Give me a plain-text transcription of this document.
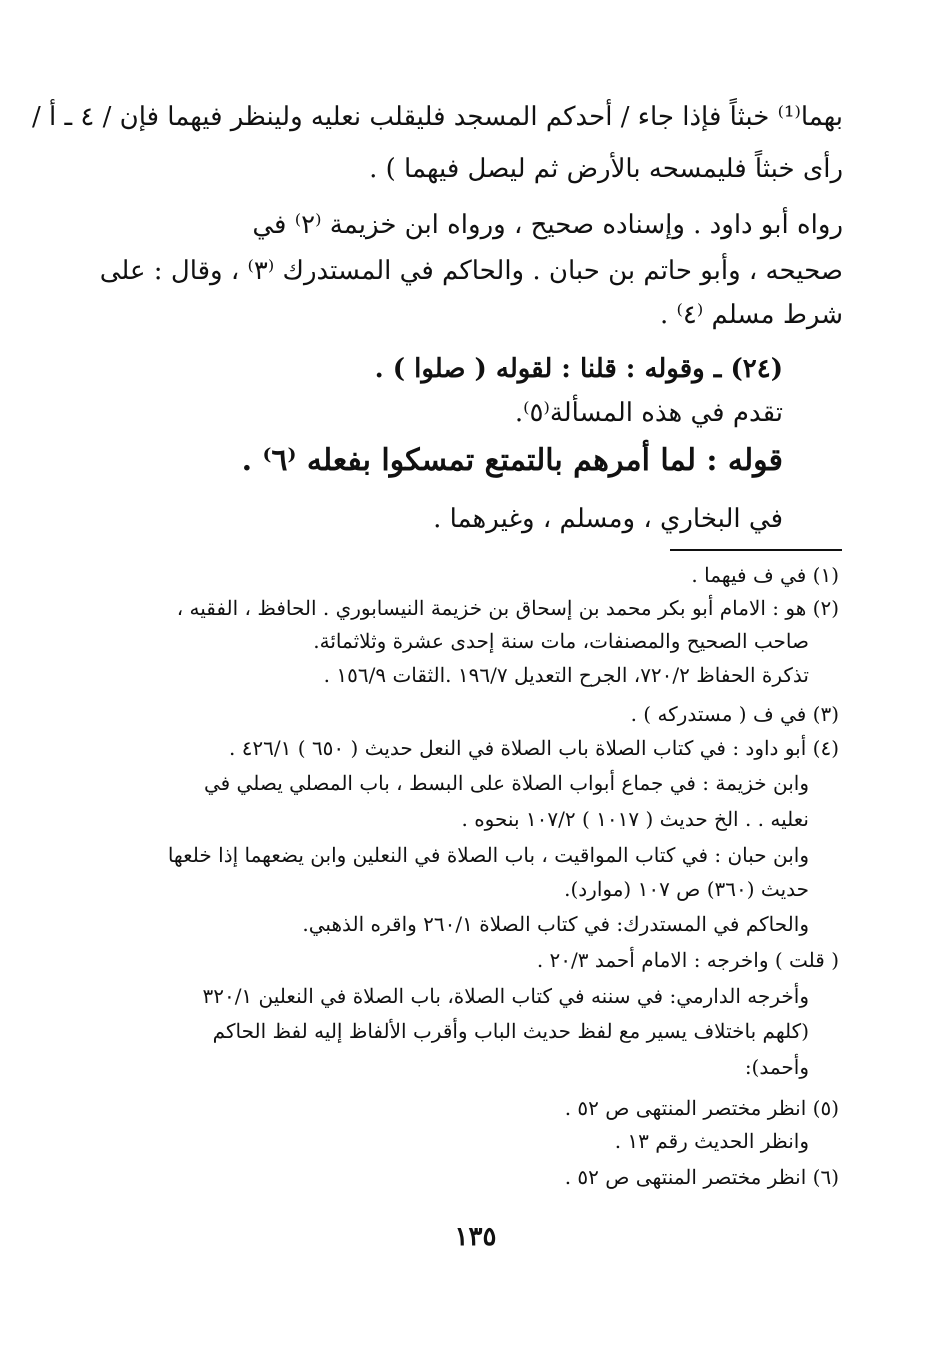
بهما⁽¹⁾ خبثاً فإذا جاء / أحدكم المسجد فليقلب نعليه ولينظر فيهما فإن / ٤ ـ أ /
رأى خبثاً فليمسحه بالأرض ثم ليصل فيهما ) .
رواه أبو داود . وإسناده صحيح ، ورواه ابن خزيمة ⁽٢⁾ في
صحيحه ، وأبو حاتم بن حبان . والحاكم في المستدرك ⁽٣⁾ ، وقال : على
شرط مسلم ⁽٤⁾ .
(٢٤) ـ وقوله : قلنا : لقوله ( صلوا ) .
تقدم في هذه المسألة⁽٥⁾.
قوله : لما أمرهم بالتمتع تمسكوا بفعله ⁽٦⁾ .
في البخاري ، ومسلم ، وغيرهما .
(١) في ف فيهما .
(٢) هو : الامام أبو بكر محمد بن إسحاق بن خزيمة النيسابوري . الحافظ ، الفقيه ،
صاحب الصحيح والمصنفات، مات سنة إحدى عشرة وثلاثمائة.
تذكرة الحفاظ ٧٢٠/٢، الجرح التعديل ١٩٦/٧ .الثقات ١٥٦/٩ .
(٣) في ف ( مستدركه ) .
(٤) أبو داود : في كتاب الصلاة باب الصلاة في النعل حديث ( ٦٥٠ ) ٤٢٦/١ .
وابن خزيمة : في جماع أبواب الصلاة على البسط ، باب المصلي يصلي في
نعليه . . الخ حديث ( ١٠١٧ ) ١٠٧/٢ بنحوه .
وابن حبان : في كتاب المواقيت ، باب الصلاة في النعلين وابن يضعهما إذا خلعها
حديث (٣٦٠) ص ١٠٧ (موارد).
والحاكم في المستدرك: في كتاب الصلاة ٢٦٠/١ واقره الذهبي.
( قلت ) واخرجه : الامام أحمد ٢٠/٣ .
وأخرجه الدارمي: في سننه في كتاب الصلاة، باب الصلاة في النعلين ٣٢٠/١
(كلهم باختلاف يسير مع لفظ حديث الباب وأقرب الألفاظ إليه لفظ الحاكم
وأحمد):
(٥) انظر مختصر المنتهى ص ٥٢ .
وانظر الحديث رقم ١٣ .
(٦) انظر مختصر المنتهى ص ٥٢ .
١٣٥
